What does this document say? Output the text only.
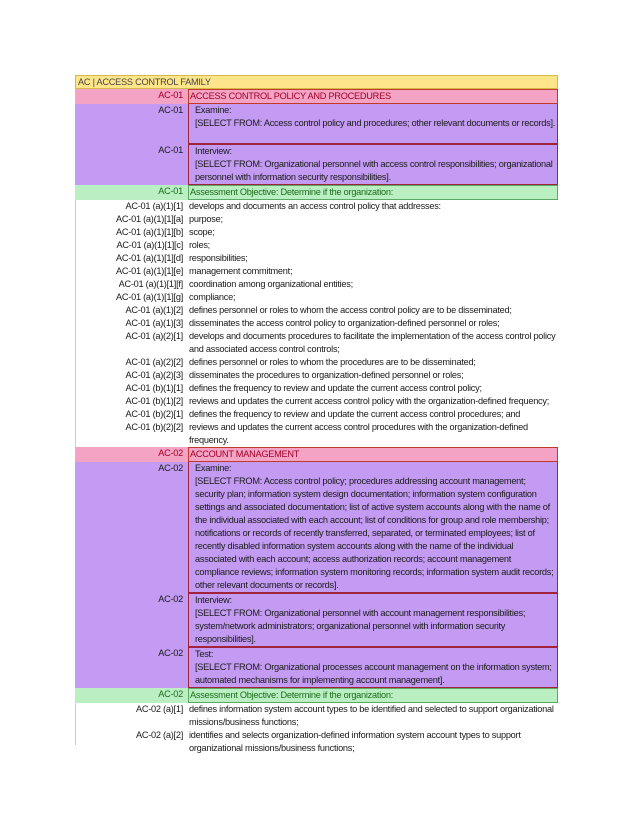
AC | ACCESS CONTROL FAMILY
AC-01 ACCESS CONTROL POLICY AND PROCEDURES
AC-01	Examine:
[SELECT FROM: Access control policy and procedures; other relevant documents or records].
AC-01	Interview:
[SELECT FROM: Organizational personnel with access control responsibilities; organizational personnel with information security responsibilities].
AC-01 Assessment Objective: Determine if the organization:
AC-01 (a)(1)[1] develops and documents an access control policy that addresses:
AC-01 (a)(1)[1][a] purpose;
AC-01 (a)(1)[1][b] scope;
AC-01 (a)(1)[1][c] roles;
AC-01 (a)(1)[1][d] responsibilities;
AC-01 (a)(1)[1][e] management commitment;
AC-01 (a)(1)[1][f] coordination among organizational entities;
AC-01 (a)(1)[1][g] compliance;
AC-01 (a)(1)[2] defines personnel or roles to whom the access control policy are to be disseminated;
AC-01 (a)(1)[3] disseminates the access control policy to organization-defined personnel or roles;
AC-01 (a)(2)[1] develops and documents procedures to facilitate the implementation of the access control policy and associated access control controls;
AC-01 (a)(2)[2] defines personnel or roles to whom the procedures are to be disseminated;
AC-01 (a)(2)[3] disseminates the procedures to organization-defined personnel or roles;
AC-01 (b)(1)[1] defines the frequency to review and update the current access control policy;
AC-01 (b)(1)[2] reviews and updates the current access control policy with the organization-defined frequency;
AC-01 (b)(2)[1] defines the frequency to review and update the current access control procedures; and
AC-01 (b)(2)[2] reviews and updates the current access control procedures with the organization-defined frequency.
AC-02 ACCOUNT MANAGEMENT
AC-02	Examine:
[SELECT FROM: Access control policy; procedures addressing account management; security plan; information system design documentation; information system configuration settings and associated documentation; list of active system accounts along with the name of the individual associated with each account; list of conditions for group and role membership; notifications or records of recently transferred, separated, or terminated employees; list of recently disabled information system accounts along with the name of the individual associated with each account; access authorization records; account management compliance reviews; information system monitoring records; information system audit records; other relevant documents or records].
AC-02	Interview:
[SELECT FROM: Organizational personnel with account management responsibilities; system/network administrators; organizational personnel with information security responsibilities].
AC-02	Test:
[SELECT FROM: Organizational processes account management on the information system; automated mechanisms for implementing account management].
AC-02 Assessment Objective: Determine if the organization:
AC-02 (a)[1] defines information system account types to be identified and selected to support organizational missions/business functions;
AC-02 (a)[2] identifies and selects organization-defined information system account types to support organizational missions/business functions;
